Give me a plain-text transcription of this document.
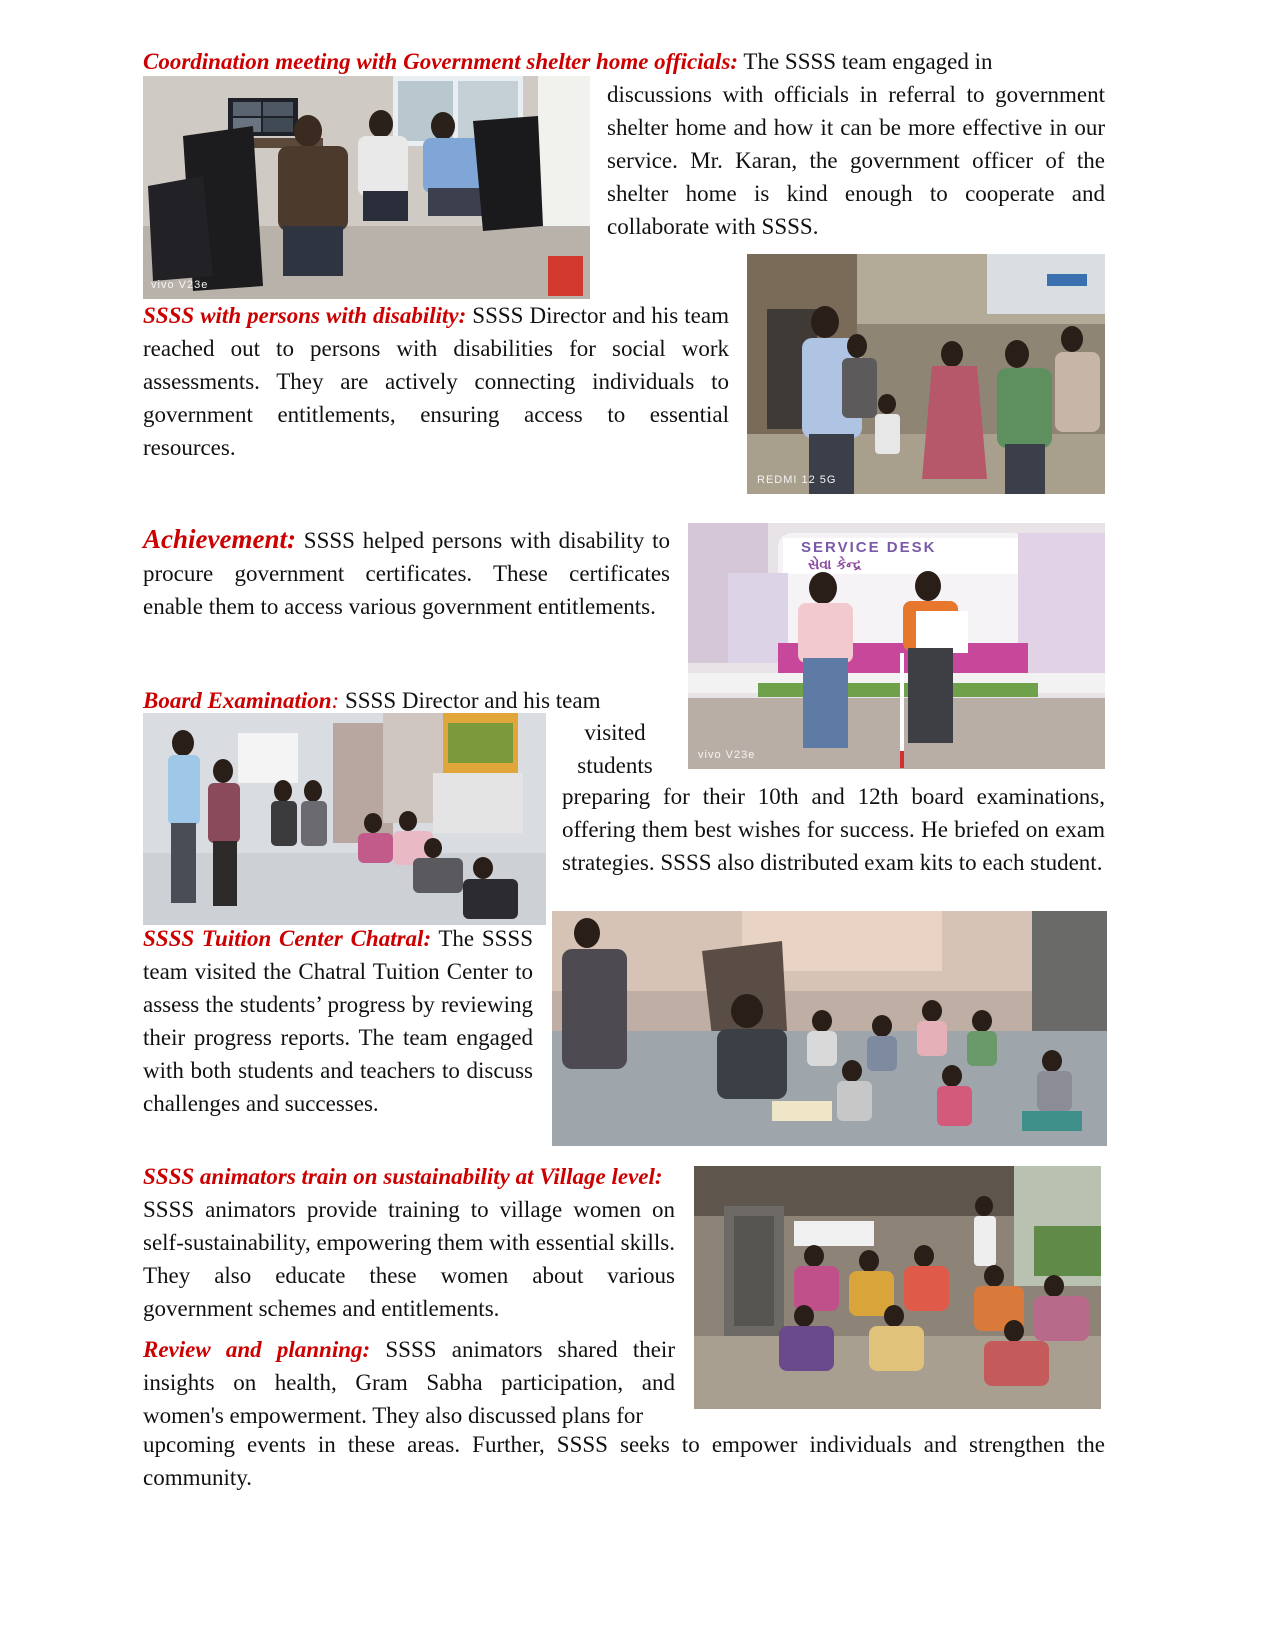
Coordination meeting with Government shelter home officials: The SSSS team engaged in

vivo V23e

discussions with officials in referral to government shelter home and how it can be more effective in our service. Mr. Karan, the government officer of the shelter home is kind enough to cooperate and collaborate with SSSS.

REDMI 12 5G

SSSS with persons with disability: SSSS Director and his team reached out to persons with disabilities for social work assessments. They are actively connecting individuals to government entitlements, ensuring access to essential resources.

SERVICE DESK
સેવા કેન્દ્ર
vivo V23e

Achievement: SSSS helped persons with disability to procure government certificates. These certificates enable them to access various government entitlements.

Board Examination: SSSS Director and his team

visited
students

preparing for their 10th and 12th board examinations, offering them best wishes for success. He briefed on exam strategies. SSSS also distributed exam kits to each student.

SSSS Tuition Center Chatral: The SSSS team visited the Chatral Tuition Center to assess the students’ progress by reviewing their progress reports. The team engaged with both students and teachers to discuss challenges and successes.

SSSS animators train on sustainability at Village level:
SSSS animators provide training to village women on self-sustainability, empowering them with essential skills. They also educate these women about various government schemes and entitlements.

Review and planning: SSSS animators shared their insights on health, Gram Sabha participation, and women's empowerment. They also discussed plans for

upcoming events in these areas. Further, SSSS seeks to empower individuals and strengthen the community.
